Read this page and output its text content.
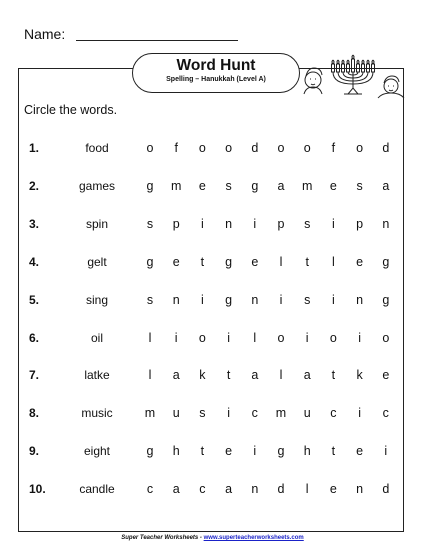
Name:
Word Hunt
Spelling – Hanukkah (Level A)
Circle the words.
1.	food	o	f	o o d o o	f	o d
2.	games	g m e s g a m e s a
3.	spin	s p	i	n	i	p s	i	p n
4.	gelt	g e	t	g e	l	t	l	e g
5.	sing	s n	i	g n	i	s	i	n g
6.	oil	l	i	o	i	l	o	i	o	i	o
7.	latke	l	a k	t	a	l	a	t	k e
8.	music	m u s	i	c m u c	i	c
9.	eight	g h	t	e	i	g h	t	e	i
10.	candle	c a c a n d	l	e n d
Super Teacher Worksheets - www.superteacherworksheets.com
